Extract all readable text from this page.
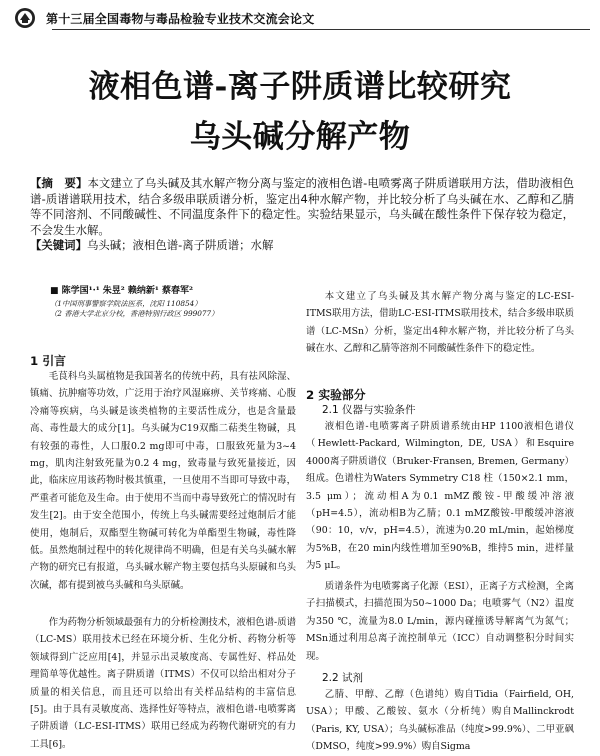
第十三届全国毒物与毒品检验专业技术交流会论文
液相色谱-离子阱质谱比较研究
乌头碱分解产物
【摘　要】本文建立了乌头碱及其水解产物分离与鉴定的液相色谱-电喷雾离子阱质谱联用方法，借助液相色谱-质谱谱联用技术，结合多级串联质谱分析，鉴定出4种水解产物，并比较分析了乌头碱在水、乙醇和乙腈等不同溶剂、不同酸碱性、不同温度条件下的稳定性。实验结果显示，乌头碱在酸性条件下保存较为稳定，不会发生水解。
【关键词】乌头碱；液相色谱-离子阱质谱；水解
■ 陈学国¹·¹ 朱昱² 赖纳新¹ 蔡春军²
（1中国刑事警察学院法医系，沈阳 110854）
（2 香港大学北京分校，香港特别行政区 999077）
1 引言
毛茛科乌头属植物是我国著名的传统中药，具有祛风除湿、镇痛、抗肿瘤等功效，广泛用于治疗风湿麻痹、关节疼痛、心腹冷痛等疾病，乌头碱是该类植物的主要活性成分，也是含量最高、毒性最大的成分[1]。乌头碱为C19双酯二萜类生物碱，具有较强的毒性，人口服0.2 mg即可中毒，口服致死量为3~4 mg，肌肉注射致死量为0.2 4 mg，致毒量与致死量接近，因此，临床应用该药物时极其慎重，一旦使用不当即可导致中毒，严重者可能危及生命。由于使用不当而中毒导致死亡的情况时有发生[2]。由于安全范围小，传统上乌头碱需要经过炮制后才能使用，炮制后，双酯型生物碱可转化为单酯型生物碱，毒性降低。虽然炮制过程中的转化规律尚不明确，但是有关乌头碱水解产物的研究已有报道，乌头碱水解产物主要包括乌头原碱和乌头次碱，都有提到被乌头碱和乌头原碱。
作为药物分析领域最强有力的分析检测技术，液相色谱-质谱（LC-MS）联用技术已经在环境分析、生化分析、药物分析等领域得到广泛应用[4]，并显示出灵敏度高、专属性好、样品处理简单等优越性。离子阱质谱（ITMS）不仅可以给出相对分子质量的相关信息，而且还可以给出有关样品结构的丰富信息[5]。由于具有灵敏度高、选择性好等特点，液相色谱-电喷雾离子阱质谱（LC-ESI-ITMS）联用已经成为药物代谢研究的有力工具[6]。
本文建立了乌头碱及其水解产物分离与鉴定的LC-ESI-ITMS联用方法，借助LC-ESI-ITMS联用技术，结合多级串联质谱（LC-MSn）分析，鉴定出4种水解产物，并比较分析了乌头碱在水、乙醇和乙腈等溶剂不同酸碱性条件下的稳定性。
2 实验部分
2.1 仪器与实验条件
液相色谱-电喷雾离子阱质谱系统由HP 1100液相色谱仪（Hewlett-Packard, Wilmington, DE, USA）和Esquire 4000离子阱质谱仪（Bruker-Fransen, Bremen, Germany）组成。色谱柱为Waters Symmetry C18 柱（150×2.1 mm，3.5 μm）；流动相A为0.1 mMZ酸铵-甲酸缓冲溶液（pH=4.5），流动相B为乙腈；0.1 mMZ酸铵-甲酸缓冲溶液（90：10，v/v，pH=4.5），流速为0.20 mL/min，起始梯度为5%B，在20 min内线性增加至90%B，维持5 min，进样量为5 μL。
质谱条件为电喷雾离子化源（ESI），正离子方式检测，全离子扫描模式，扫描范围为50~1000 Da；电喷雾气（N2）温度为350 ℃，流量为8.0 L/min，源内碰撞诱导解离气为氮气；MSn通过利用总离子流控制单元（ICC）自动调整积分时间实现。
2.2 试剂
乙腈、甲醇、乙醇（色谱纯）购自Tidia（Fairfield, OH, USA）；甲酸、乙酸铵、氨水（分析纯）购自Mallinckrodt（Paris, KY, USA）；乌头碱标准品（纯度>99.9%）、二甲亚砜（DMSO，纯度>99.9%）购自Sigma
